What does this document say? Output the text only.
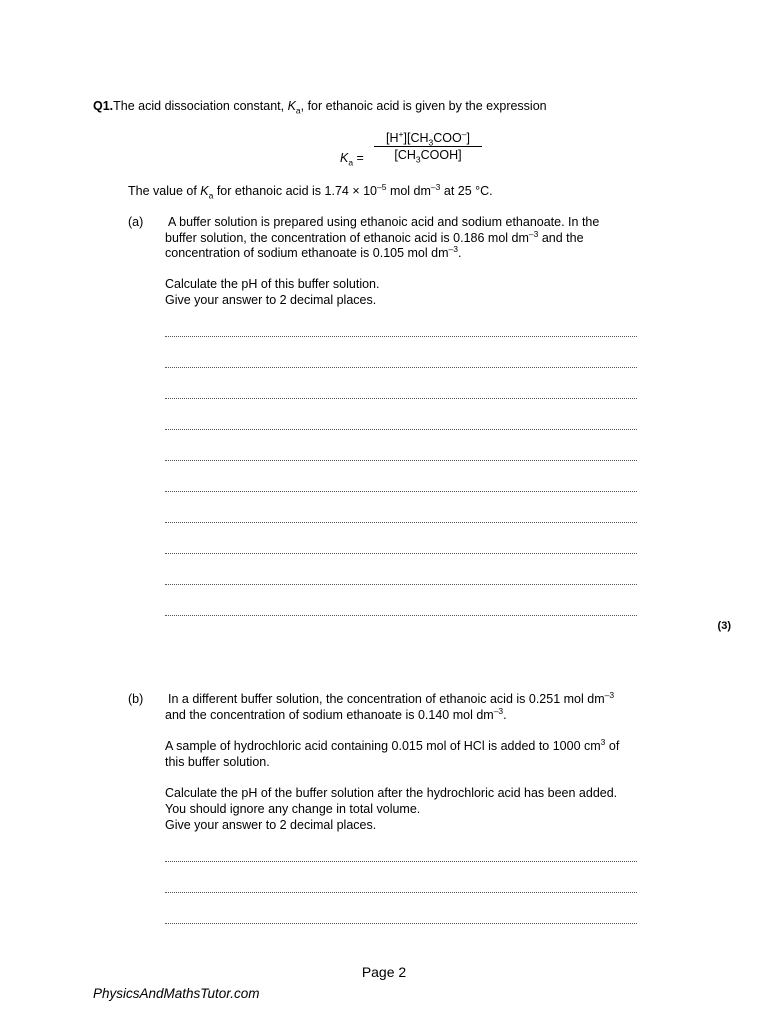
Q1.The acid dissociation constant, $K_a$, for ethanoic acid is given by the expression
$K_a$ =
$[H^+][CH_3COO^-]$
$[CH_3COOH]$
The value of $K_a$ for ethanoic acid is $1.74 \times 10^{-5}$ mol $dm^{-3}$ at 25 °C.
(a) A buffer solution is prepared using ethanoic acid and sodium ethanoate. In the
buffer solution, the concentration of ethanoic acid is 0.186 mol $dm^{-3}$ and the
concentration of sodium ethanoate is 0.105 mol $dm^{-3}$.
Calculate the pH of this buffer solution.
Give your answer to 2 decimal places.
(3)
(b) In a different buffer solution, the concentration of ethanoic acid is 0.251 mol $dm^{-3}$
and the concentration of sodium ethanoate is 0.140 mol $dm^{-3}$.
A sample of hydrochloric acid containing 0.015 mol of HCl is added to 1000 $cm^3$ of
this buffer solution.
Calculate the pH of the buffer solution after the hydrochloric acid has been added.
You should ignore any change in total volume.
Give your answer to 2 decimal places.
Page 2
PhysicsAndMathsTutor.com
